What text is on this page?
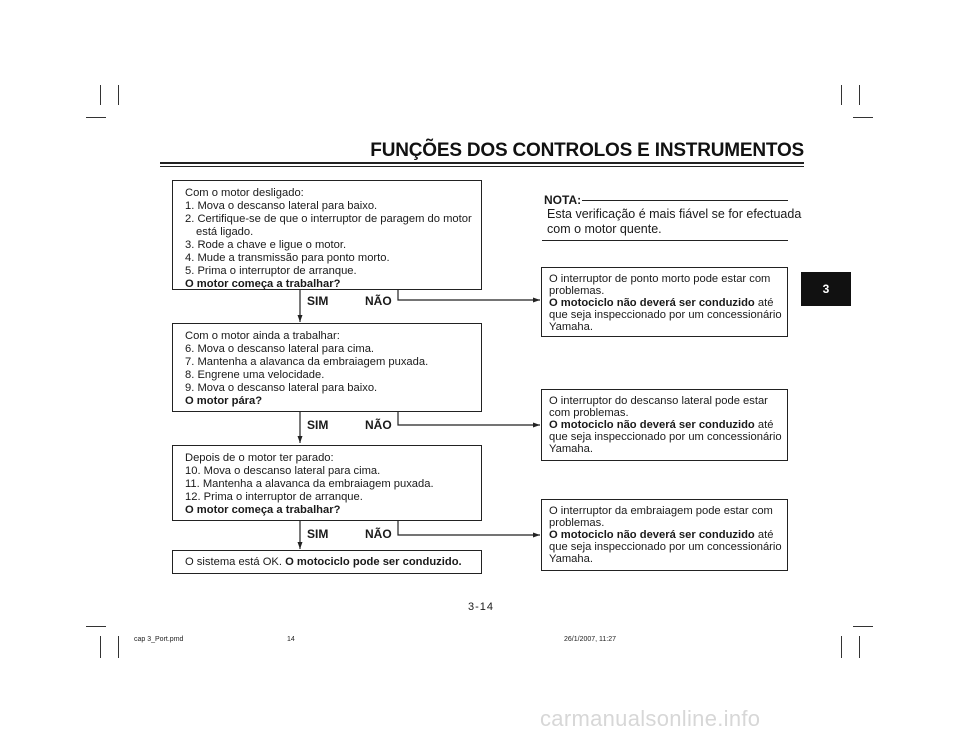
FUNÇÕES DOS CONTROLOS E INSTRUMENTOS
3
Com o motor desligado:
1. Mova o descanso lateral para baixo.
2. Certifique-se de que o interruptor de paragem do motor
está ligado.
3. Rode a chave e ligue o motor.
4. Mude a transmissão para ponto morto.
5. Prima o interruptor de arranque.
O motor começa a trabalhar?
SIM	NÃO
Com o motor ainda a trabalhar:
6. Mova o descanso lateral para cima.
7. Mantenha a alavanca da embraiagem puxada.
8. Engrene uma velocidade.
9. Mova o descanso lateral para baixo.
O motor pára?
SIM	NÃO
Depois de o motor ter parado:
10. Mova o descanso lateral para cima.
11. Mantenha a alavanca da embraiagem puxada.
12. Prima o interruptor de arranque.
O motor começa a trabalhar?
SIM	NÃO
O sistema está OK. O motociclo pode ser conduzido.
NOTA:
Esta verificação é mais fiável se for efectuada
com o motor quente.
O interruptor de ponto morto pode estar com
problemas.
O motociclo não deverá ser conduzido até
que seja inspeccionado por um concessionário
Yamaha.
O interruptor do descanso lateral pode estar
com problemas.
O motociclo não deverá ser conduzido até
que seja inspeccionado por um concessionário
Yamaha.
O interruptor da embraiagem pode estar com
problemas.
O motociclo não deverá ser conduzido até
que seja inspeccionado por um concessionário
Yamaha.
3-14
cap 3_Port.pmd	14	26/1/2007, 11:27
carmanualsonline.info
